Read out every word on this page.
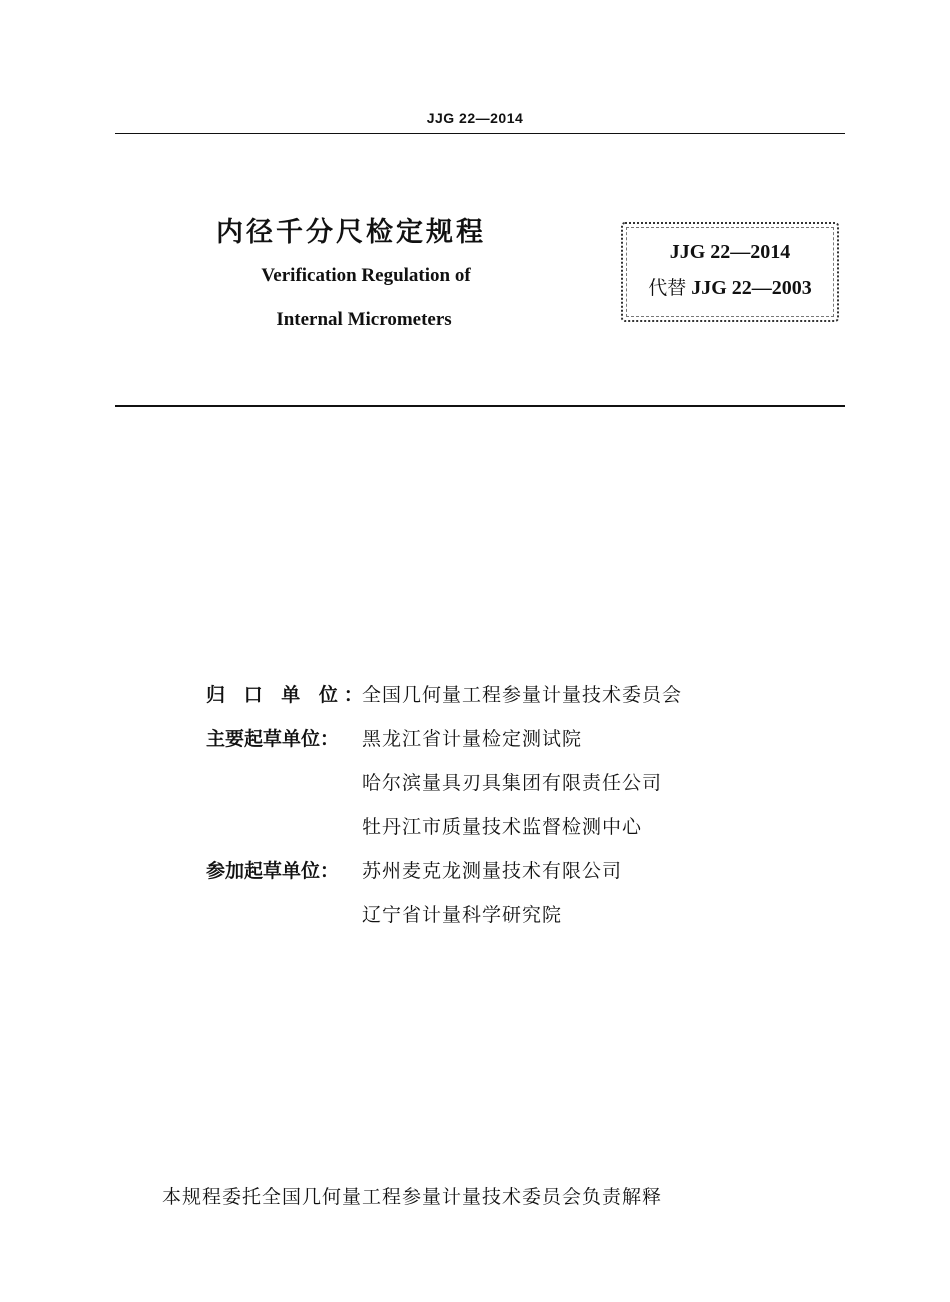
JJG 22—2014
内径千分尺检定规程
Verification Regulation of
Internal Micrometers
JJG 22—2014
代替 JJG 22—2003
归 口 单 位：
全国几何量工程参量计量技术委员会
主要起草单位：	黑龙江省计量检定测试院
哈尔滨量具刃具集团有限责任公司
牡丹江市质量技术监督检测中心
参加起草单位：	苏州麦克龙测量技术有限公司
辽宁省计量科学研究院
本规程委托全国几何量工程参量计量技术委员会负责解释
